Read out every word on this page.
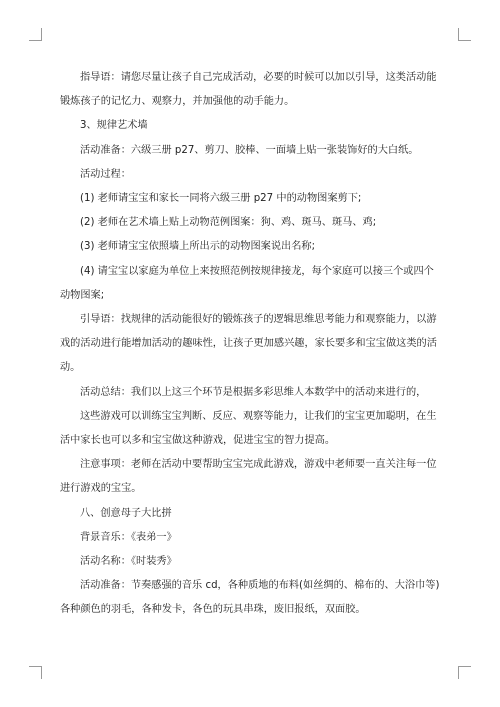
指导语：请您尽量让孩子自己完成活动，必要的时候可以加以引导，这类活动能锻炼孩子的记忆力、观察力，并加强他的动手能力。

3、规律艺术墙

活动准备：六级三册 p27、剪刀、胶棒、一面墙上贴一张装饰好的大白纸。

活动过程：

(1) 老师请宝宝和家长一同将六级三册 p27 中的动物图案剪下;

(2) 老师在艺术墙上贴上动物范例图案：狗、鸡、斑马、斑马、鸡;

(3) 老师请宝宝依照墙上所出示的动物图案说出名称;

(4) 请宝宝以家庭为单位上来按照范例按规律接龙，每个家庭可以接三个或四个动物图案;

引导语：找规律的活动能很好的锻炼孩子的逻辑思维思考能力和观察能力，以游戏的活动进行能增加活动的趣味性，让孩子更加感兴趣，家长要多和宝宝做这类的活动。

活动总结：我们以上这三个环节是根据多彩思维人本数学中的活动来进行的，

这些游戏可以训练宝宝判断、反应、观察等能力，让我们的宝宝更加聪明，在生活中家长也可以多和宝宝做这种游戏，促进宝宝的智力提高。

注意事项：老师在活动中要帮助宝宝完成此游戏，游戏中老师要一直关注每一位进行游戏的宝宝。

八、创意母子大比拼

背景音乐：《表弟一》

活动名称：《时装秀》

活动准备：节奏感强的音乐 cd，各种质地的布料(如丝绸的、棉布的、大浴巾等)各种颜色的羽毛，各种发卡，各色的玩具串珠，废旧报纸，双面胶。
